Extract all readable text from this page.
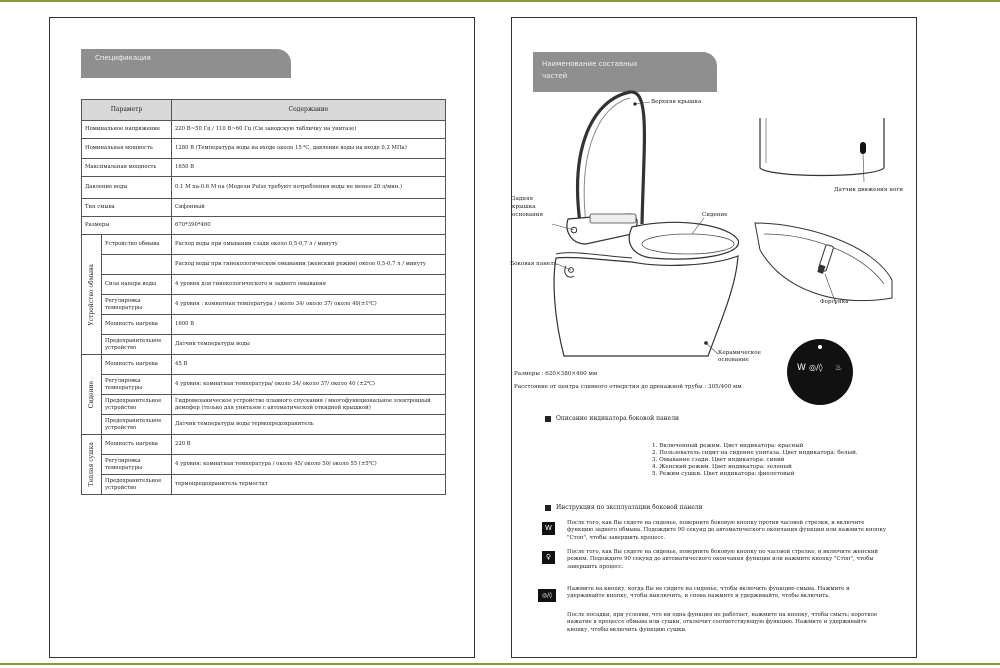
Спецификация
Параметр		Содержание
Номинальное напряжение		220 В~50 Гц / 110 В~60 Гц (См заводскую табличку на унитазе)
Номинальная мощность		1280 В (Температура воды на входе около 15 ℃, давление воды на входе 0,2 МПа)
Максимальная мощность		1650 В
Давление воды		0.1 М па-0.6 М па (Модели Pulse требуют потребления воды не менее 20 л/мин.)
Тип смыва		Сифонный
Размеры		670*390*460

Устройство обмыва	Устройство обмыва	Расход воды при омывании сзади около 0,5-0,7 л / минуту
		Расход воды при гинекологическом омывании (женский режим) около 0,5-0,7 л / минуту
	Сила напора воды	4 уровня для гинекологического и заднего омывания
	Регулировка температуры	4 уровня : комнатная температура / около 34/ около 37/ около 40(±1℃)
	Мощность нагрева	1600 В
	Предохранительное устройство	Датчик температуры воды

Сидение	Мощность нагрева	45 В
	Регулировка температуры	4 уровня: комнатная температура/ около 34/ около 37/ около 40 (±2℃)
	Предохранительное устройство	Гидромеханическое устройство плавного спускания / многофункциональное электронный демпфер (только для унитазов с автоматической откидной крышкой)
	Предохранительное устройство	Датчик температуры воды термопредохранитель

Теплая сушка	Мощность нагрева	220 В
	Регулировка температуры	4 уровня: комнатная температура / около 45/ около 50/ около 55 (±5℃)
	Предохранительное устройство	термопредохранитель термостат
Наименование составных
частей
Верхняя крышка
Задняя
крышка
основания	Сидение
Боковая панель
Керамическое
основание
Датчик движения ноги
Форсунка
W ◎/◊ ♨
Размеры : 620×380×460 мм
Расстояние от центра сливного отверстия до дренажной трубы : 305/400 мм
Описание индикатора боковой панели
1. Включенный режим. Цвет индикатора: красный
2. Пользователь сидит на сидение унитаза. Цвет индикатора: белый.
3. Омывание сзади. Цвет индикатора: синий
4. Женский режим. Цвет индикатора: зеленый
5. Режим сушки. Цвет индикатора: фиолетовый
Инструкция по эксплуатации боковой панели
W
После того, как Вы сядете на сиденье, поверните боковую кнопку против часовой стрелки, и включите функцию заднего обмыва. Подождите 90 секунд до автоматического окончания функции или нажмите кнопку "Стоп", чтобы завершить процесс.
♀
После того, как Вы сядете на сиденье, поверните боковую кнопку по часовой стрелке, и включите женский режим. Подождите 90 секунд до автоматического окончания функции или нажмите кнопку "Стоп", чтобы завершить процесс.
◎/◊
Нажмите на кнопку, когда Вы не сидите на сиденье, чтобы включить функцию смыва. Нажмите и удерживайте кнопку, чтобы выключить, и снова нажмите и удерживайте, чтобы включить.
После посадки, при условии, что ни одна функция не работает, нажмите на кнопку, чтобы смыть; короткое нажатие в процессе обмыва или сушки, отключит соответствующую функцию. Нажмите и удерживайте кнопку, чтобы включить функцию сушки.
